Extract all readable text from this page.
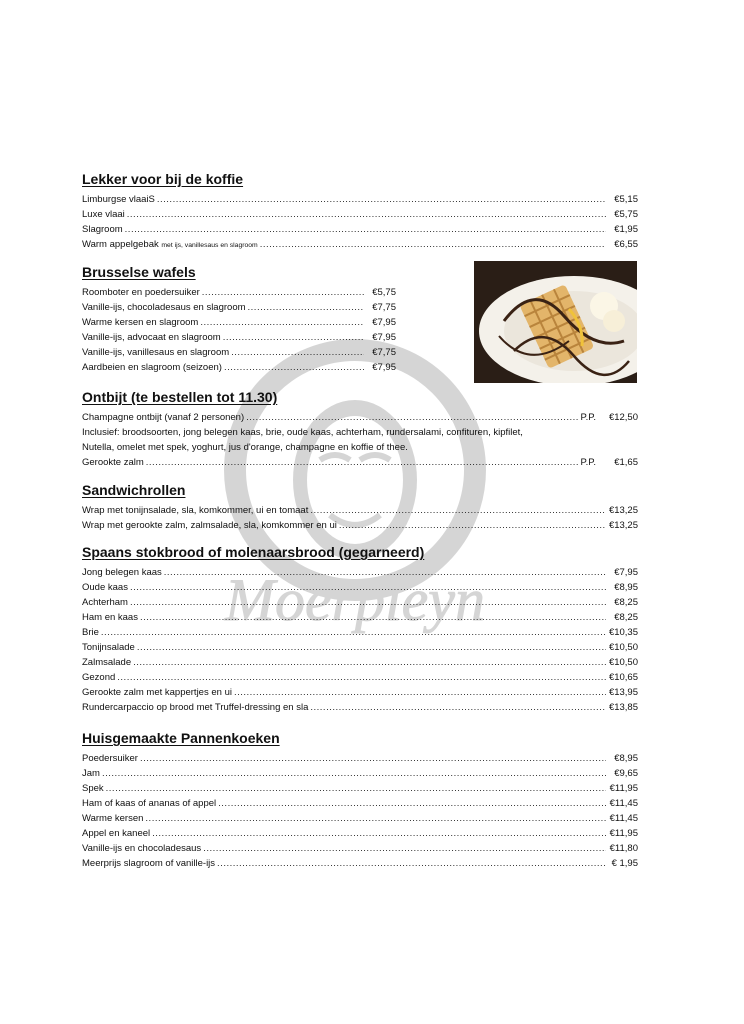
Moerpleyn
Lekker voor bij de koffie
Limburgse vlaaiS .....	€5,15
Luxe vlaai .....	€5,75
Slagroom .....	€1,95
Warm appelgebak met ijs, vanillesaus en slagroom .....	€6,55
Brusselse wafels
Roomboter en poedersuiker .....	€5,75
Vanille-ijs, chocoladesaus en slagroom .....	€7,75
Warme kersen en slagroom .....	€7,95
Vanille-ijs, advocaat en slagroom .....	€7,95
Vanille-ijs, vanillesaus en slagroom .....	€7,75
Aardbeien en slagroom (seizoen) .....	€7,95
Ontbijt (te bestellen tot 11.30)
Champagne ontbijt (vanaf 2 personen) .....	P.P. €12,50
Inclusief: broodsoorten, jong belegen kaas, brie, oude kaas, achterham, rundersalami, confituren, kipfilet,
Nutella, omelet met spek, yoghurt, jus d'orange, champagne en koffie of thee.
Gerookte zalm .....	P.P.	€1,65
Sandwichrollen
Wrap met tonijnsalade, sla, komkommer, ui en tomaat .....	€13,25
Wrap met gerookte zalm, zalmsalade, sla, komkommer en ui .....	€13,25
Spaans stokbrood of molenaarsbrood (gegarneerd)
Jong belegen kaas .....	€7,95
Oude kaas .....	€8,95
Achterham .....	€8,25
Ham en kaas .....	€8,25
Brie .....	€10,35
Tonijnsalade .....	€10,50
Zalmsalade .....	€10,50
Gezond .....	€10,65
Gerookte zalm met kappertjes en ui .....	€13,95
Rundercarpaccio op brood met Truffel-dressing en sla .....	€13,85
Huisgemaakte Pannenkoeken
Poedersuiker .....	€8,95
Jam .....	€9,65
Spek .....	€11,95
Ham of kaas of ananas of appel .....	€11,45
Warme kersen .....	€11,45
Appel en kaneel .....	€11,95
Vanille-ijs en chocoladesaus .....	€11,80
Meerprijs slagroom of vanille-ijs .....	€ 1,95
